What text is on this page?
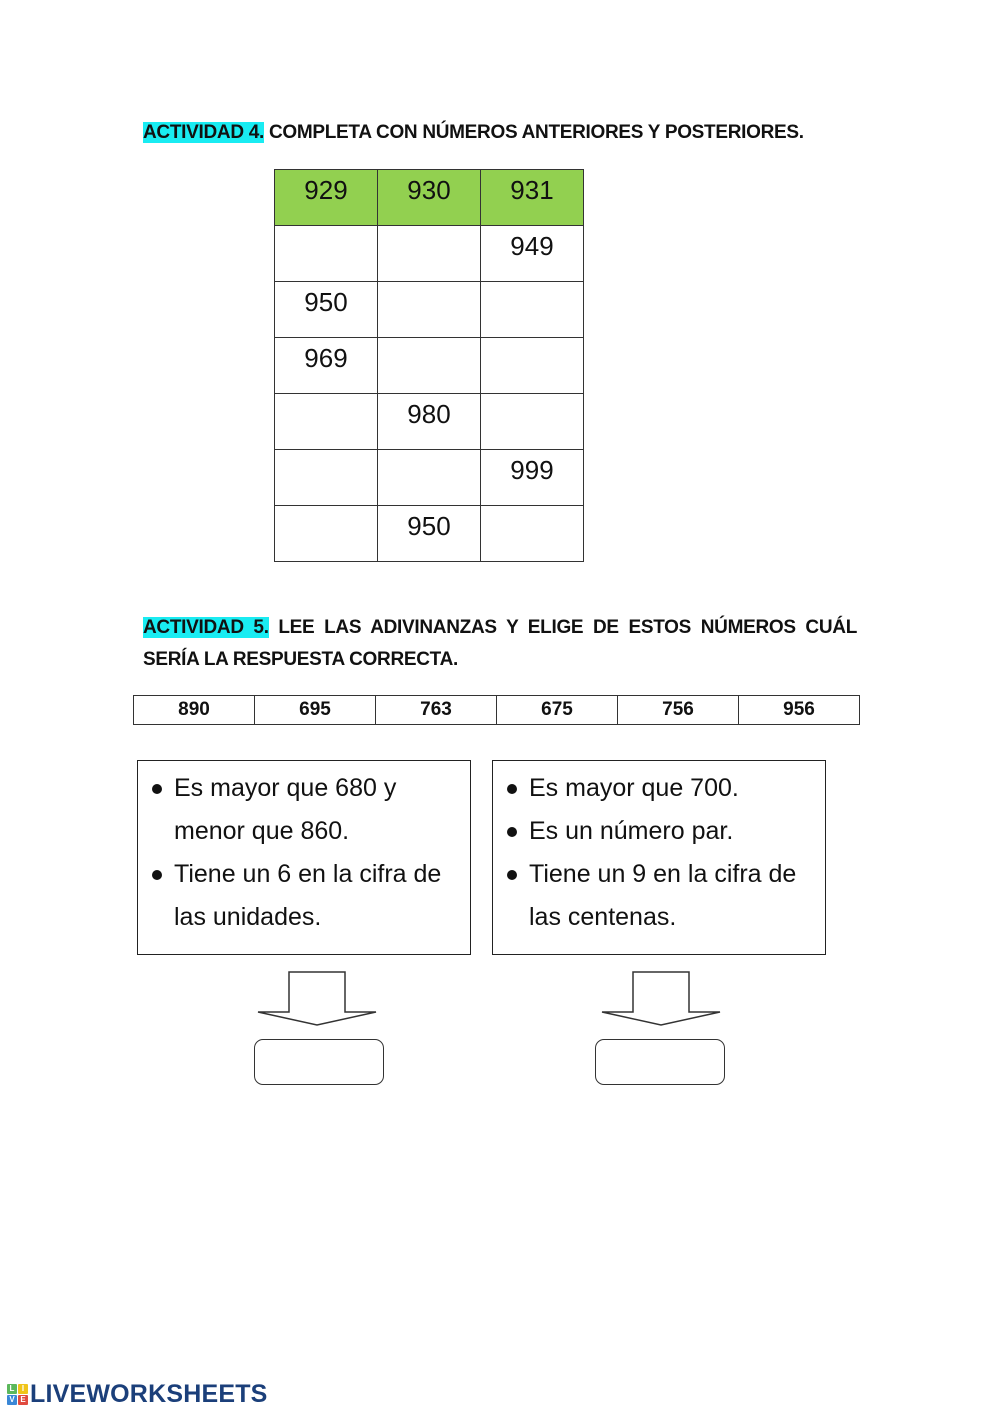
ACTIVIDAD 4. COMPLETA CON NÚMEROS ANTERIORES Y POSTERIORES.
929	930	931
		949
950		
969		
	980	
		999
	950	
ACTIVIDAD 5. LEE LAS ADIVINANZAS Y ELIGE DE ESTOS NÚMEROS CUÁL
SERÍA LA RESPUESTA CORRECTA.
890	695	763	675	756	956
Es mayor que 680 y menor que 860.
Tiene un 6 en la cifra de las unidades.
Es mayor que 700.
Es un número par.
Tiene un 9 en la cifra de las centenas.
L I
V E LIVEWORKSHEETS
